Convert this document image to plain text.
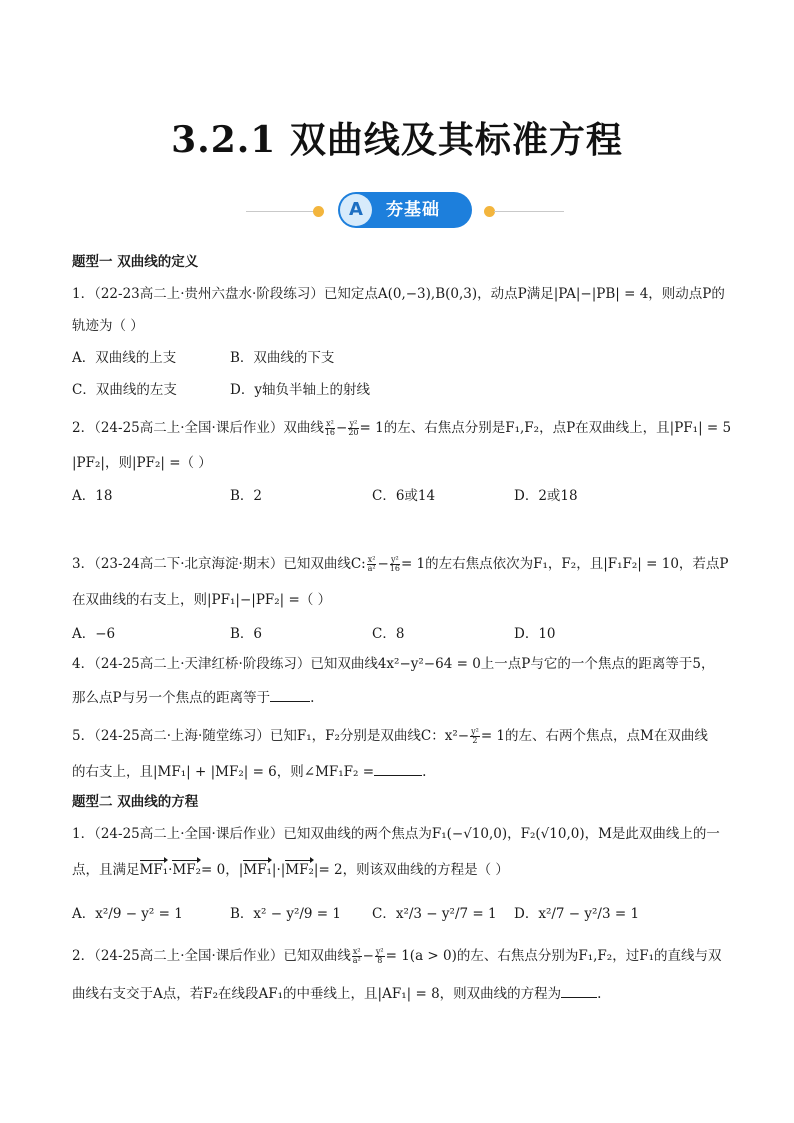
3.2.1 双曲线及其标准方程
A	夯基础
题型一 双曲线的定义
1．（22-23高二上·贵州六盘水·阶段练习）已知定点A(0,−3),B(0,3)，动点P满足|PA|−|PB| = 4，则动点P的
轨迹为（ ）
A．双曲线的上支	B．双曲线的下支
C．双曲线的左支	D．y轴负半轴上的射线
2．（24-25高二上·全国·课后作业）双曲线 $\frac{\text{x²}}{16} - \frac{\text{y²}}{20} = 1$的左、右焦点分别是F₁,F₂，点P在双曲线上，且|PF₁| = 5
|PF₂|，则|PF₂| =（ ）
A．18	B．2	C．6或14	D．2或18
3．（23-24高二下·北京海淀·期末）已知双曲线C: $\frac{\text{x²}}{\text{a²}} - \frac{\text{y²}}{16} = 1$的左右焦点依次为F₁，F₂，且|F₁F₂| = 10，若点P
在双曲线的右支上，则|PF₁|−|PF₂| =（ ）
A．−6	B．6	C．8	D．10
4．（24-25高二上·天津红桥·阶段练习）已知双曲线4x²−y²−64 = 0上一点P与它的一个焦点的距离等于5，
那么点P与另一个焦点的距离等于	.
5．（24-25高二·上海·随堂练习）已知F₁，F₂分别是双曲线C：$x^2- \frac{\text{y²}}{2} = 1$的左、右两个焦点，点M在双曲线
的右支上，且|MF₁| + |MF₂| = 6，则∠MF₁F₂ =	.
题型二 双曲线的方程
1．（24-25高二上·全国·课后作业）已知双曲线的两个焦点为F₁(−√10,0)，F₂(√10,0)，M是此双曲线上的一
点，且满足MF₁·MF₂= 0，|MF₁|·|MF₂|= 2，则该双曲线的方程是（ ）
A．x²/9 − y² = 1	B．x² − y²/9 = 1 C．x²/3 − y²/7 = 1 D．x²/7 − y²/3 = 1
2．（24-25高二上·全国·课后作业）已知双曲线 $\frac{\text{x²}}{\text{a²}} - \frac{\text{y²}}{8} = 1(a > 0)$的左、右焦点分别为F₁,F₂，过F₁的直线与双
曲线右支交于A点，若F₂在线段AF₁的中垂线上，且|AF₁| = 8，则双曲线的方程为	.
